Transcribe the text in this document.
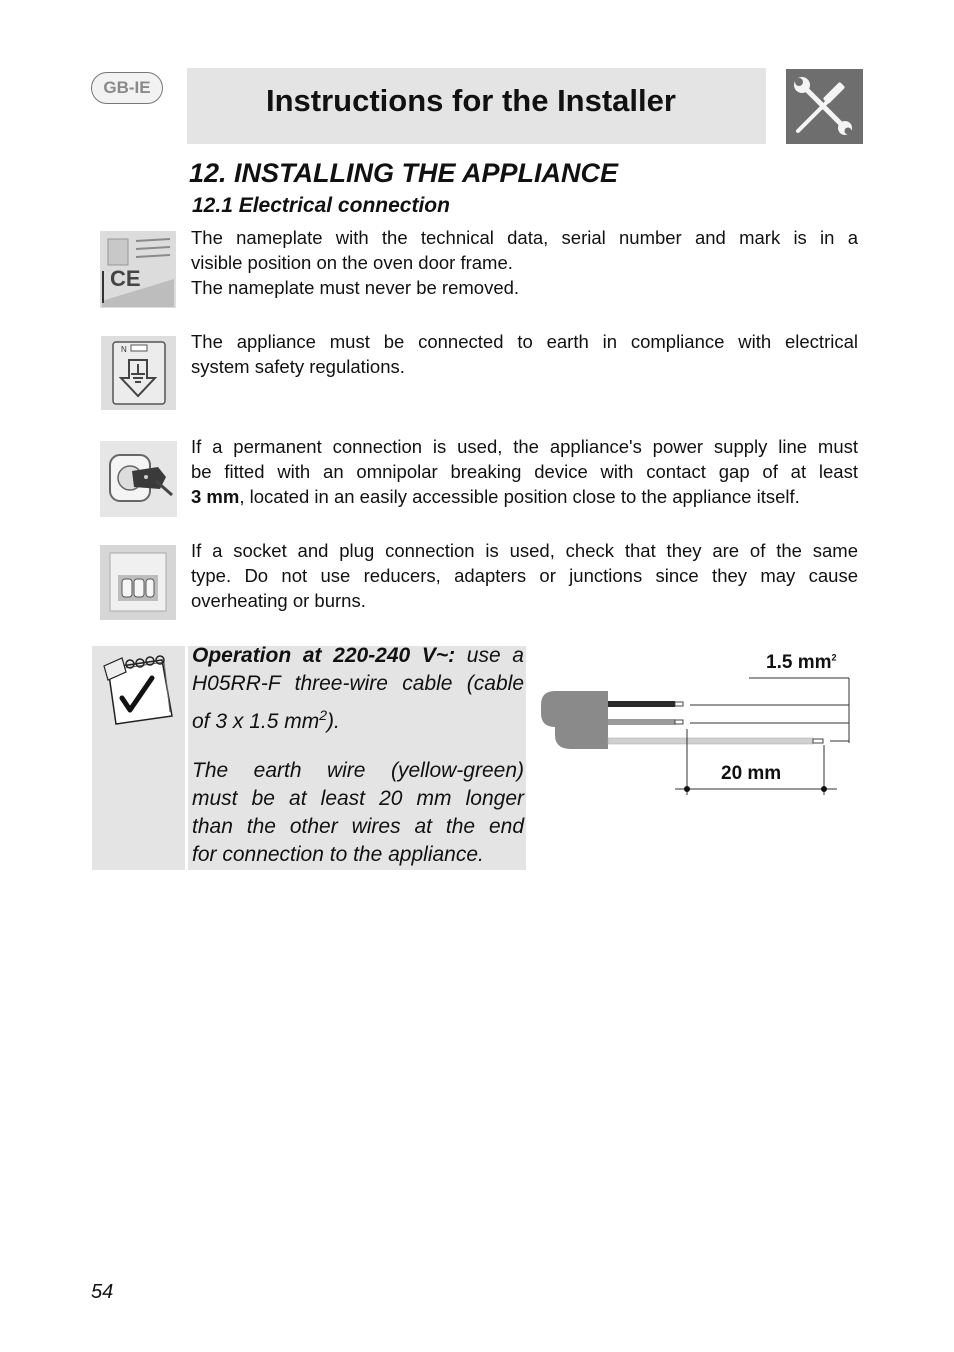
GB-IE	Instructions for the Installer
12. INSTALLING THE APPLIANCE
12.1 Electrical connection
CE

The nameplate with the technical data, serial number and mark is in a
visible position on the oven door frame.
The nameplate must never be removed.

N	The appliance must be connected to earth in compliance with electrical
system safety regulations.

If a permanent connection is used, the appliance's power supply line must
be fitted with an omnipolar breaking device with contact gap of at least
3 mm, located in an easily accessible position close to the appliance itself.

If a socket and plug connection is used, check that they are of the same
type. Do not use reducers, adapters or junctions since they may cause
overheating or burns.

Operation at 220-240 V~: use a
H05RR-F three-wire cable (cable
of 3 x 1.5 $mm^2$).

The earth wire (yellow-green)
must be at least 20 mm longer
than the other wires at the end
for connection to the appliance.

1.5 $mm^2$
20 mm
54
